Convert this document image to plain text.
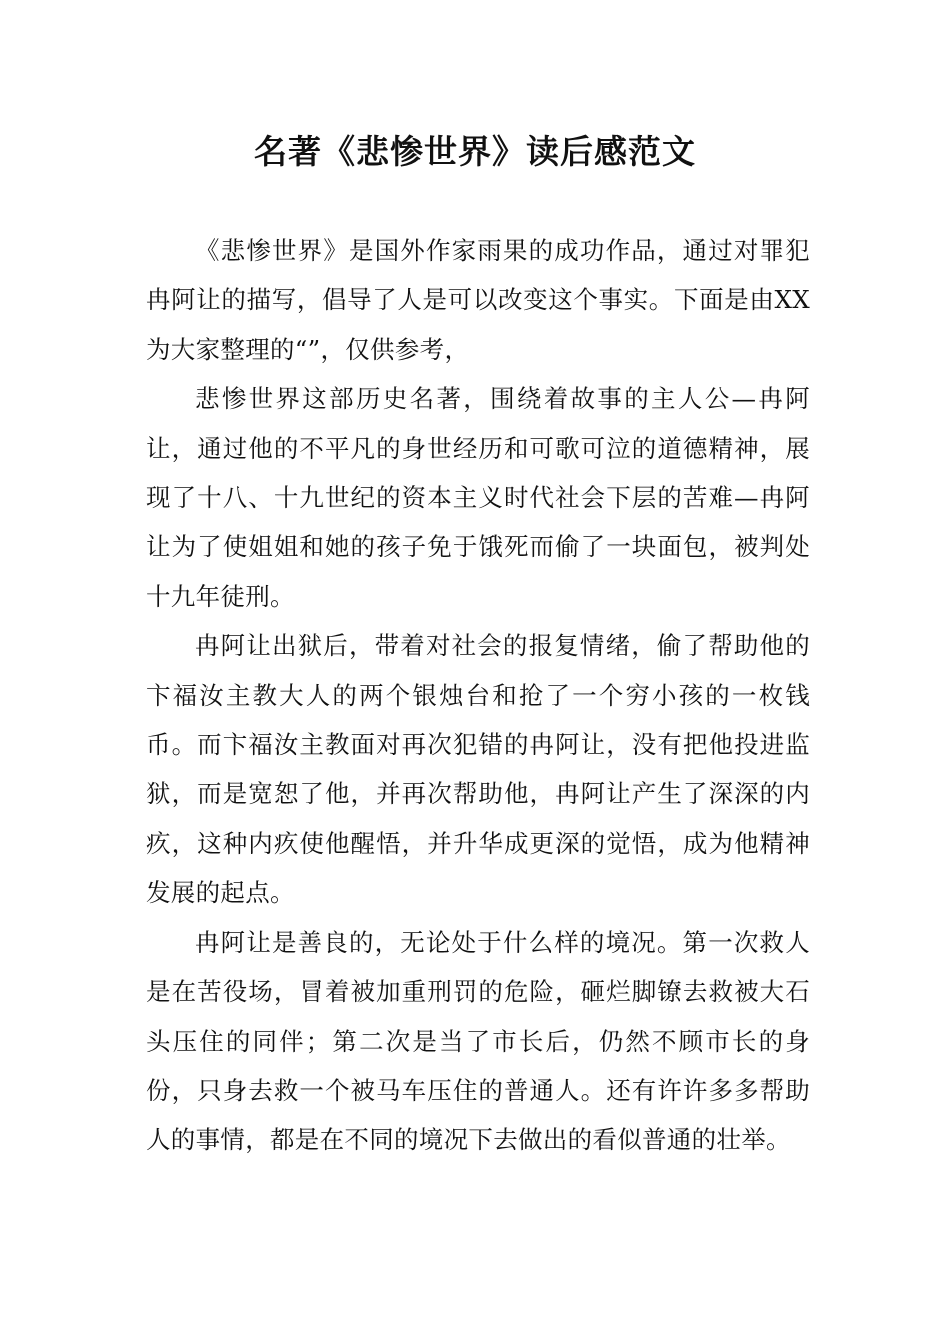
名著《悲惨世界》读后感范文

《悲惨世界》是国外作家雨果的成功作品，通过对罪犯冉阿让的描写，倡导了人是可以改变这个事实。下面是由XX为大家整理的“”，仅供参考，

悲惨世界这部历史名著，围绕着故事的主人公—冉阿让，通过他的不平凡的身世经历和可歌可泣的道德精神，展现了十八、十九世纪的资本主义时代社会下层的苦难—冉阿让为了使姐姐和她的孩子免于饿死而偷了一块面包，被判处十九年徒刑。

冉阿让出狱后，带着对社会的报复情绪，偷了帮助他的卞福汝主教大人的两个银烛台和抢了一个穷小孩的一枚钱币。而卞福汝主教面对再次犯错的冉阿让，没有把他投进监狱，而是宽恕了他，并再次帮助他，冉阿让产生了深深的内疚，这种内疚使他醒悟，并升华成更深的觉悟，成为他精神发展的起点。

冉阿让是善良的，无论处于什么样的境况。第一次救人是在苦役场，冒着被加重刑罚的危险，砸烂脚镣去救被大石头压住的同伴；第二次是当了市长后，仍然不顾市长的身份，只身去救一个被马车压住的普通人。还有许许多多帮助人的事情，都是在不同的境况下去做出的看似普通的壮举。
